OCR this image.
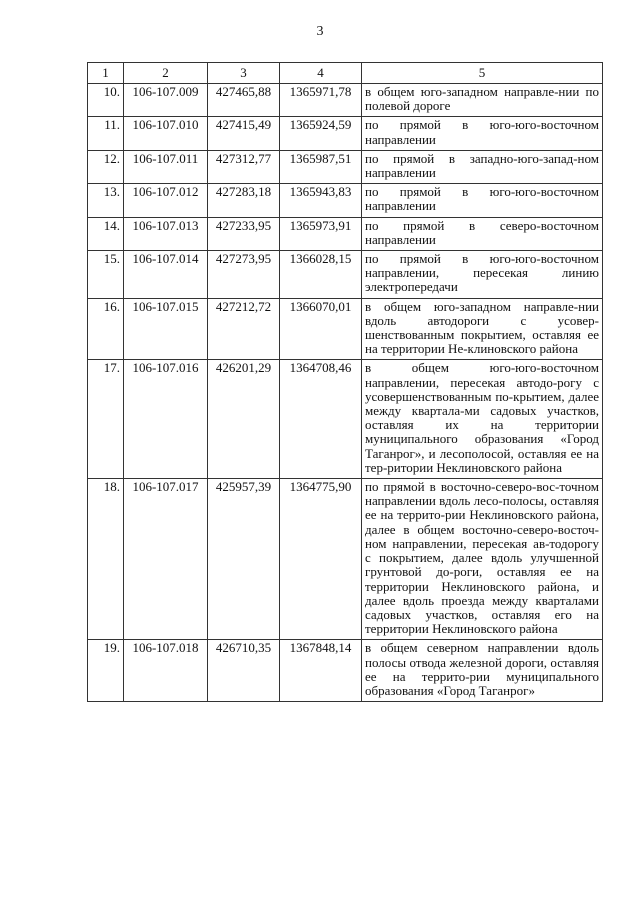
3
1	2	3	4	5
10.	106-107.009	427465,88	1365971,78	в общем юго-западном направле-нии по полевой дороге
11.	106-107.010	427415,49	1365924,59	по прямой в юго-юго-восточном направлении
12.	106-107.011	427312,77	1365987,51	по прямой в западно-юго-запад-ном направлении
13.	106-107.012	427283,18	1365943,83	по прямой в юго-юго-восточном направлении
14.	106-107.013	427233,95	1365973,91	по прямой в северо-восточном направлении
15.	106-107.014	427273,95	1366028,15	по прямой в юго-юго-восточном направлении, пересекая линию электропередачи
16.	106-107.015	427212,72	1366070,01	в общем юго-западном направле-нии вдоль автодороги с усовер-шенствованным покрытием, оставляя ее на территории Не-клиновского района
17.	106-107.016	426201,29	1364708,46	в общем юго-юго-восточном направлении, пересекая автодо-рогу с усовершенствованным по-крытием, далее между квартала-ми садовых участков, оставляя их на территории муниципального образования «Город Таганрог», и лесополосой, оставляя ее на тер-ритории Неклиновского района
18.	106-107.017	425957,39	1364775,90	по прямой в восточно-северо-вос-точном направлении вдоль лесо-полосы, оставляя ее на террито-рии Неклиновского района, далее в общем восточно-северо-восточ-ном направлении, пересекая ав-тодорогу с покрытием, далее вдоль улучшенной грунтовой до-роги, оставляя ее на территории Неклиновского района, и далее вдоль проезда между кварталами садовых участков, оставляя его на территории Неклиновского района
19.	106-107.018	426710,35	1367848,14	в общем северном направлении вдоль полосы отвода железной дороги, оставляя ее на террито-рии муниципального образования «Город Таганрог»
